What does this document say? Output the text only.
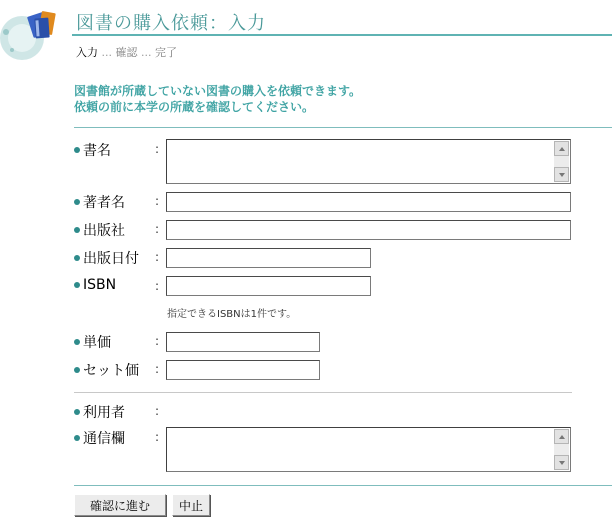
図書の購入依頼：入力
入力 ... 確認 ... 完了
図書館が所蔵していない図書の購入を依頼できます。
依頼の前に本学の所蔵を確認してください。
書名	:
著者名	:
出版社	:
出版日付 :
ISBN	:
指定できるISBNは1件です。
単価	:
セット価 :
利用者	:
通信欄	:
確認に進む	中止
